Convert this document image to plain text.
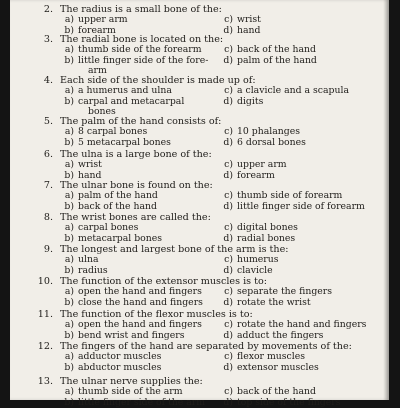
2. The radius is a small bone of the:
a) upper arm
b) forearm
c) wrist
d) hand
3. The radial bone is located on the:
a) thumb side of the forearm
b) little finger side of the fore-
c) back of the hand
d) palm of the hand
arm
4. Each side of the shoulder is made up of:
a) a humerus and ulna
b) carpal and metacarpal
c) a clavicle and a scapula
d) digits
bones
5. The palm of the hand consists of:
a) 8 carpal bones
b) 5 metacarpal bones
c) 10 phalanges
d) 6 dorsal bones
6. The ulna is a large bone of the:
a) wrist
b) hand
c) upper arm
d) forearm
7. The ulnar bone is found on the:
a) palm of the hand
b) back of the hand
c) thumb side of forearm
d) little finger side of forearm
8. The wrist bones are called the:
a) carpal bones
b) metacarpal bones
c) digital bones
d) radial bones
9. The longest and largest bone of the arm is the:
a) ulna
b) radius
c) humerus
d) clavicle
10. The function of the extensor muscles is to:
a) open the hand and fingers
b) close the hand and fingers
c) separate the fingers
d) rotate the wrist
11. The function of the flexor muscles is to:
a) open the hand and fingers
b) bend wrist and fingers
c) rotate the hand and fingers
d) adduct the fingers
12. The fingers of the hand are separated by movements of the:
a) adductor muscles
b) abductor muscles
c) flexor muscles
d) extensor muscles
13. The ulnar nerve supplies the:
a) thumb side of the arm
b) little finger side of the arm
c) back of the hand
d) top side of the fingers
